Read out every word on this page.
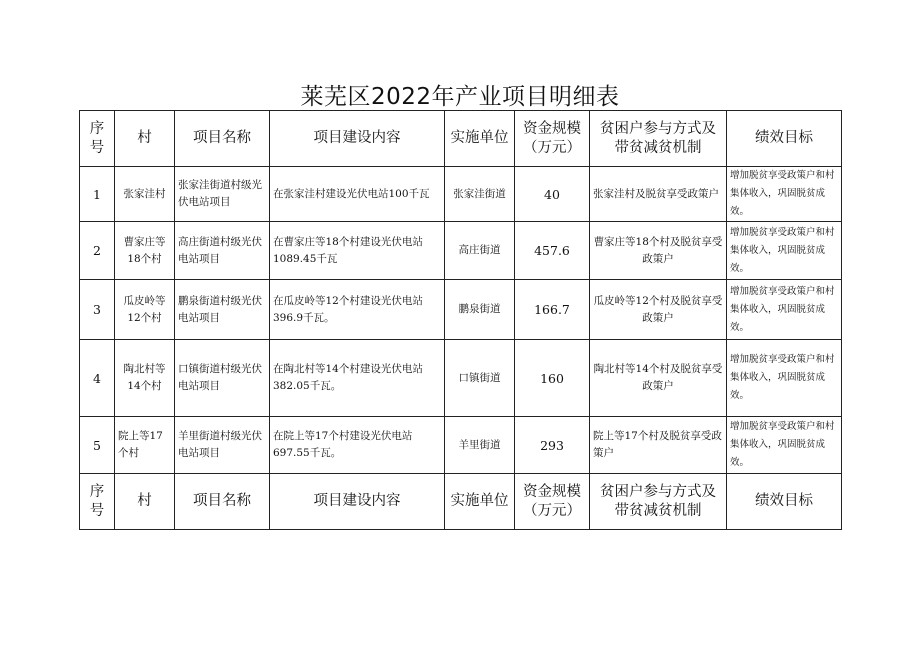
莱芜区2022年产业项目明细表
序号	村	项目名称	项目建设内容	实施单位	资金规模（万元）	贫困户参与方式及带贫减贫机制	绩效目标
1	张家洼村	张家洼街道村级光伏电站项目	在张家洼村建设光伏电站100千瓦	张家洼街道	40	张家洼村及脱贫享受政策户	增加脱贫享受政策户和村集体收入，巩固脱贫成效。
2	曹家庄等18个村	高庄街道村级光伏电站项目	在曹家庄等18个村建设光伏电站1089.45千瓦	高庄街道	457.6	曹家庄等18个村及脱贫享受政策户	增加脱贫享受政策户和村集体收入，巩固脱贫成效。
3	瓜皮岭等12个村	鹏泉街道村级光伏电站项目	在瓜皮岭等12个村建设光伏电站396.9千瓦。	鹏泉街道	166.7	瓜皮岭等12个村及脱贫享受政策户	增加脱贫享受政策户和村集体收入，巩固脱贫成效。
4	陶北村等14个村	口镇街道村级光伏电站项目	在陶北村等14个村建设光伏电站382.05千瓦。	口镇街道	160	陶北村等14个村及脱贫享受政策户	增加脱贫享受政策户和村集体收入，巩固脱贫成效。
5	院上等17个村	羊里街道村级光伏电站项目	在院上等17个村建设光伏电站697.55千瓦。	羊里街道	293	院上等17个村及脱贫享受政策户	增加脱贫享受政策户和村集体收入，巩固脱贫成效。
序号	村	项目名称	项目建设内容	实施单位	资金规模（万元）	贫困户参与方式及带贫减贫机制	绩效目标
